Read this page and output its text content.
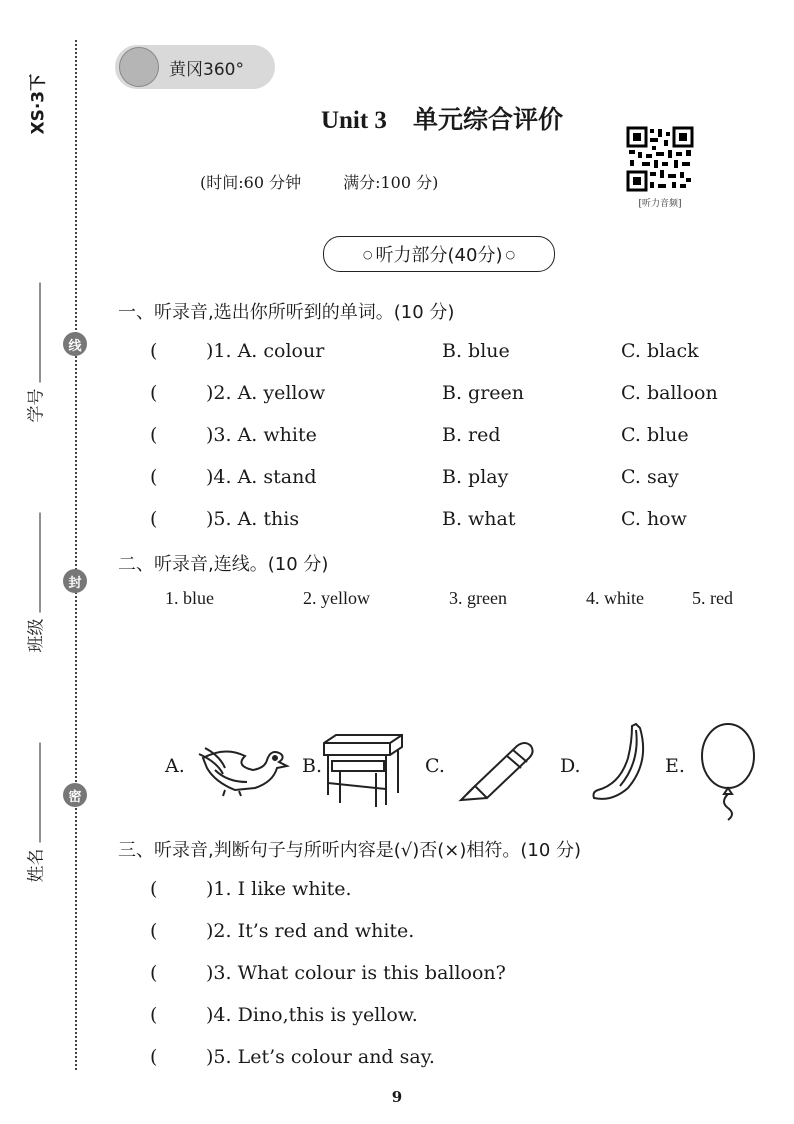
XS·3下
学号
班级
姓名
线
封
密
黄冈360°
Unit 3 单元综合评价
(时间:60 分钟	满分:100 分)
[听力音频]
○ 听力部分(40分) ○
一、听录音,选出你所听到的单词。(10 分)
(	)1. A. colour	B. blue	C. black
(	)2. A. yellow	B. green	C. balloon
(	)3. A. white	B. red	C. blue
(	)4. A. stand	B. play	C. say
(	)5. A. this	B. what	C. how
二、听录音,连线。(10 分)
1. blue	2. yellow	3. green	4. white	5. red
A.	B.	C.	D.	E.
三、听录音,判断句子与所听内容是(√)否(×)相符。(10 分)
(	)1. I like white.
(	)2. It’s red and white.
(	)3. What colour is this balloon?
(	)4. Dino,this is yellow.
(	)5. Let’s colour and say.
9
